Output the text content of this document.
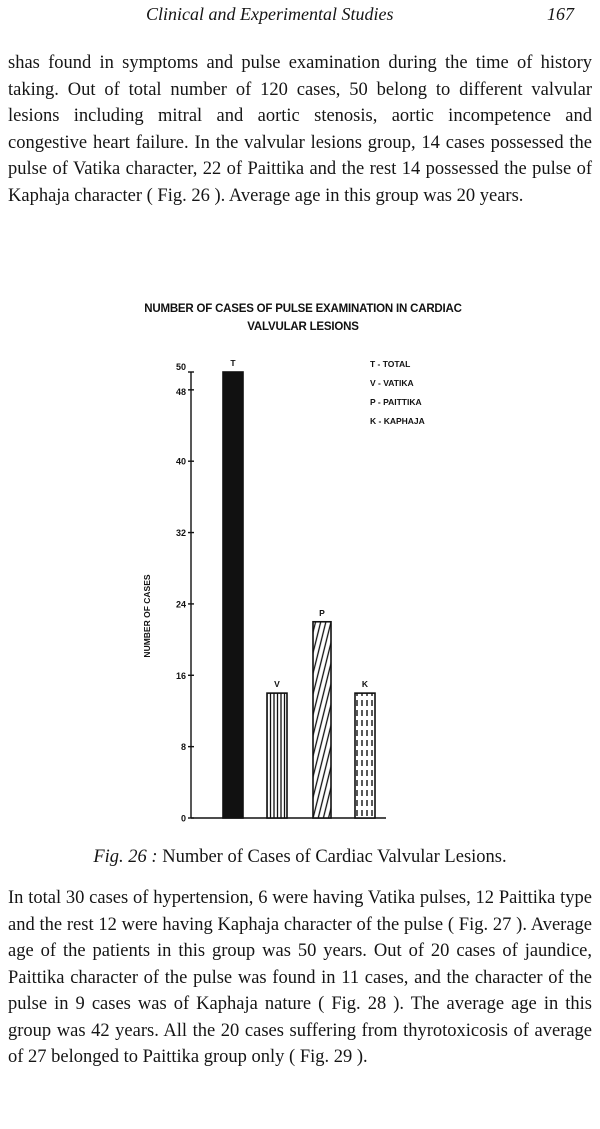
Clinical and Experimental Studies	167

shas found in symptoms and pulse examination during the time of history taking. Out of total number of 120 cases, 50 belong to different valvular lesions including mitral and aortic stenosis, aortic incompetence and congestive heart failure. In the valvular lesions group, 14 cases possessed the pulse of Vatika character, 22 of Paittika and the rest 14 possessed the pulse of Kaphaja character ( Fig. 26 ). Average age in this group was 20 years.

NUMBER OF CASES OF PULSE EXAMINATION IN CARDIAC
VALVULAR LESIONS
NUMBER OF CASES
0
8
16
24
32
40
48
50	T
V
P
K
T - TOTAL
V - VATIKA
P - PAITTIKA
K - KAPHAJA
Fig. 26 : Number of Cases of Cardiac Valvular Lesions.

In total 30 cases of hypertension, 6 were having Vatika pulses, 12 Paittika type and the rest 12 were having Kaphaja character of the pulse ( Fig. 27 ). Average age of the patients in this group was 50 years. Out of 20 cases of jaundice, Paittika character of the pulse was found in 11 cases, and the character of the pulse in 9 cases was of Kaphaja nature ( Fig. 28 ). The average age in this group was 42 years. All the 20 cases suffering from thyrotoxicosis of average of 27 belonged to Paittika group only ( Fig. 29 ).
